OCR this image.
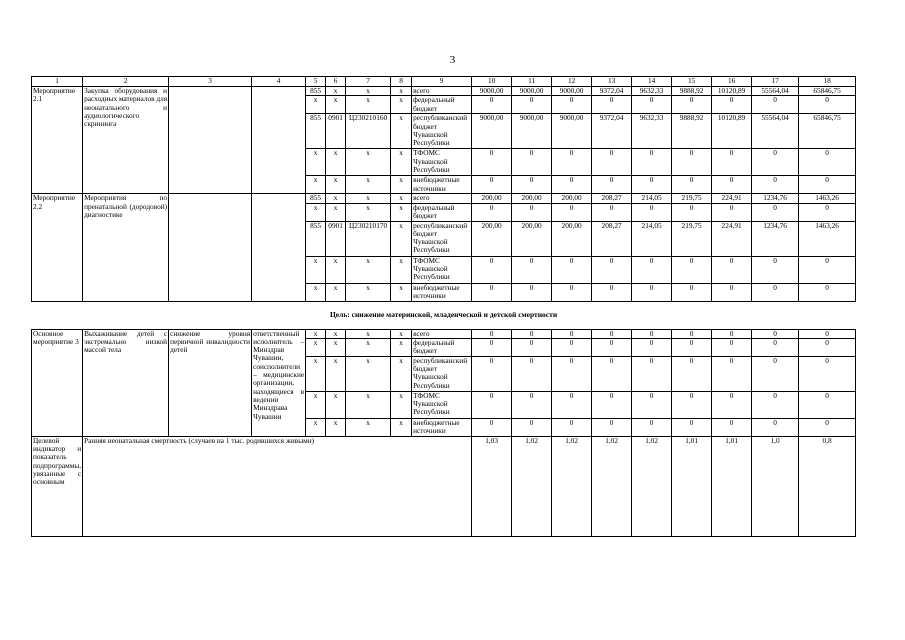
3
1	2	3	4	5	6	7	8	9	10	11	12	13	14	15	16	17	18
Мероприятие 2.1	Закупка оборудования и расходных материалов для неонатального и аудиологического скрининга			855	x	x	x	всего	9000,00	9000,00	9000,00	9372,04	9632,33	9888,92	10120,89	55564,04	65846,75
				x	x	x	x	федеральный бюджет	0	0	0	0	0	0	0	0	0
				855	0901	Ц230210160	x	республиканский бюджет Чувашской Республики	9000,00	9000,00	9000,00	9372,04	9632,33	9888,92	10120,89	55564,04	65846,75
				x	x	x	x	ТФОМС Чувашской Республики	0	0	0	0	0	0	0	0	0
				x	x	x	x	внебюджетные источники	0	0	0	0	0	0	0	0	0
Мероприятие 2.2	Мероприятия по пренатальной (дородовой) диагностике			855	x	x	x	всего	200,00	200,00	200,00	208,27	214,05	219,75	224,91	1234,76	1463,26
				x	x	x	x	федеральный бюджет	0	0	0	0	0	0	0	0	0
				855	0901	Ц230210170	x	республиканский бюджет Чувашской Республики	200,00	200,00	200,00	208,27	214,05	219,75	224,91	1234,76	1463,26
				x	x	x	x	ТФОМС Чувашской Республики	0	0	0	0	0	0	0	0	0
				x	x	x	x	внебюджетные источники	0	0	0	0	0	0	0	0	0
Цель: снижение материнской, младенческой и детской смертности																	
Основное мероприятие 3	Выхаживание детей с экстремально низкой массой тела	снижение уровня первичной инвалидности детей	ответственный исполнитель – Минздрав Чувашии, соисполнители – медицинские организации, находящиеся в ведении Минздрава Чувашии	x	x	x	x	всего	0	0	0	0	0	0	0	0	0
				x	x	x	x	федеральный бюджет	0	0	0	0	0	0	0	0	0
				x	x	x	x	республиканский бюджет Чувашской Республики	0	0	0	0	0	0	0	0	0
				x	x	x	x	ТФОМС Чувашской Республики	0	0	0	0	0	0	0	0	0
				x	x	x	x	внебюджетные источники	0	0	0	0	0	0	0	0	0
Целевой индикатор и показатель подпрограммы, увязанные с основным	Ранняя неонатальная смертность (случаев на 1 тыс. родившихся живыми)								1,03	1,02	1,02	1,02	1,02	1,01	1,01	1,0	0,8
